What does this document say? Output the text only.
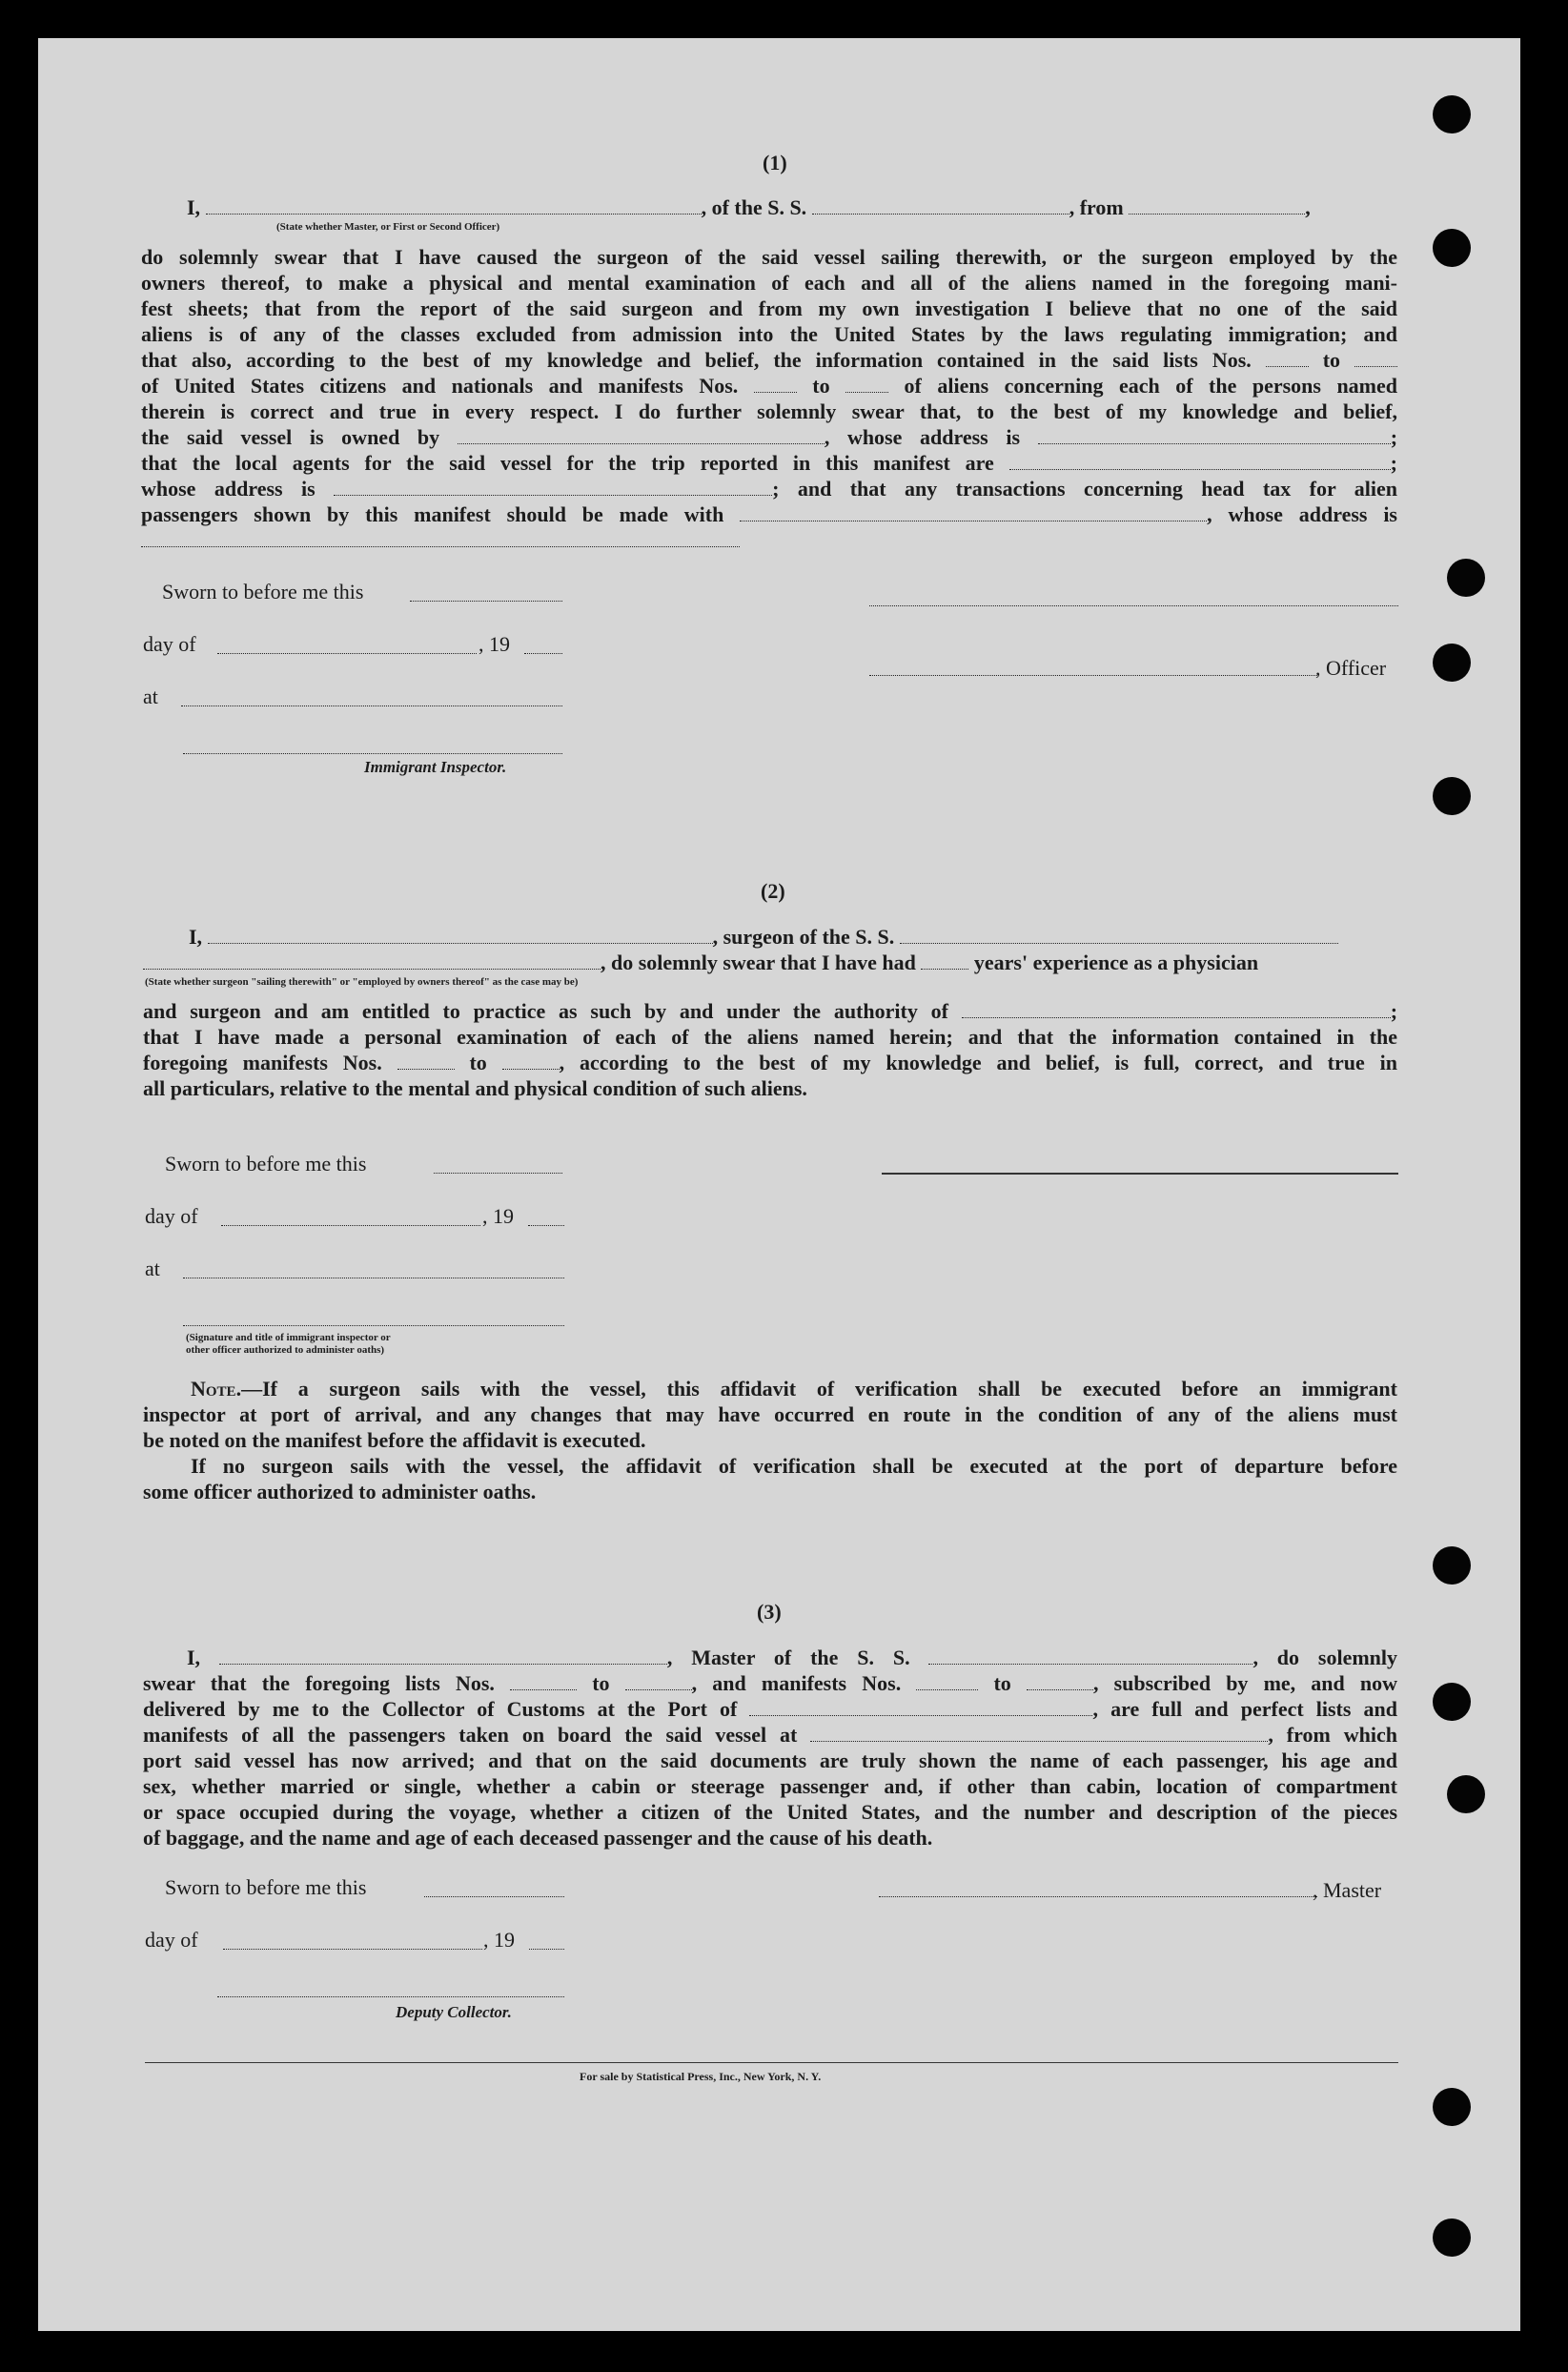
(1)
I,	, of the S. S.	, from	,
(State whether Master, or First or Second Officer)
do solemnly swear that I have caused the surgeon of the said vessel sailing therewith, or the surgeon employed by the
owners thereof, to make a physical and mental examination of each and all of the aliens named in the foregoing mani-
fest sheets; that from the report of the said surgeon and from my own investigation I believe that no one of the said
aliens is of any of the classes excluded from admission into the United States by the laws regulating immigration; and
that also, according to the best of my knowledge and belief, the information contained in the said lists Nos.	to
of United States citizens and nationals and manifests Nos.	to	of aliens concerning each of the persons named
therein is correct and true in every respect. I do further solemnly swear that, to the best of my knowledge and belief,
the said vessel is owned by	, whose address is	;
that the local agents for the said vessel for the trip reported in this manifest are	;
whose address is	; and that any transactions concerning head tax for alien
passengers shown by this manifest should be made with	, whose address is
Sworn to before me this
day of	, 19
at
Immigrant Inspector.
, Officer
(2)
I,	, surgeon of the S. S.
, do solemnly swear that I have had	years' experience as a physician
(State whether surgeon "sailing therewith" or "employed by owners thereof" as the case may be)
and surgeon and am entitled to practice as such by and under the authority of	;
that I have made a personal examination of each of the aliens named herein; and that the information contained in the
foregoing manifests Nos.	to	, according to the best of my knowledge and belief, is full, correct, and true in
all particulars, relative to the mental and physical condition of such aliens.
Sworn to before me this
day of	, 19
at
(Signature and title of immigrant inspector or
other officer authorized to administer oaths)
Note.—If a surgeon sails with the vessel, this affidavit of verification shall be executed before an immigrant
inspector at port of arrival, and any changes that may have occurred en route in the condition of any of the aliens must
be noted on the manifest before the affidavit is executed.
If no surgeon sails with the vessel, the affidavit of verification shall be executed at the port of departure before
some officer authorized to administer oaths.
(3)
I,	, Master of the S. S.	, do solemnly
swear that the foregoing lists Nos.	to	, and manifests Nos.	to	, subscribed by me, and now
delivered by me to the Collector of Customs at the Port of	, are full and perfect lists and
manifests of all the passengers taken on board the said vessel at	, from which
port said vessel has now arrived; and that on the said documents are truly shown the name of each passenger, his age and
sex, whether married or single, whether a cabin or steerage passenger and, if other than cabin, location of compartment
or space occupied during the voyage, whether a citizen of the United States, and the number and description of the pieces
of baggage, and the name and age of each deceased passenger and the cause of his death.
Sworn to before me this
day of	, 19
Deputy Collector.
, Master
For sale by Statistical Press, Inc., New York, N. Y.
